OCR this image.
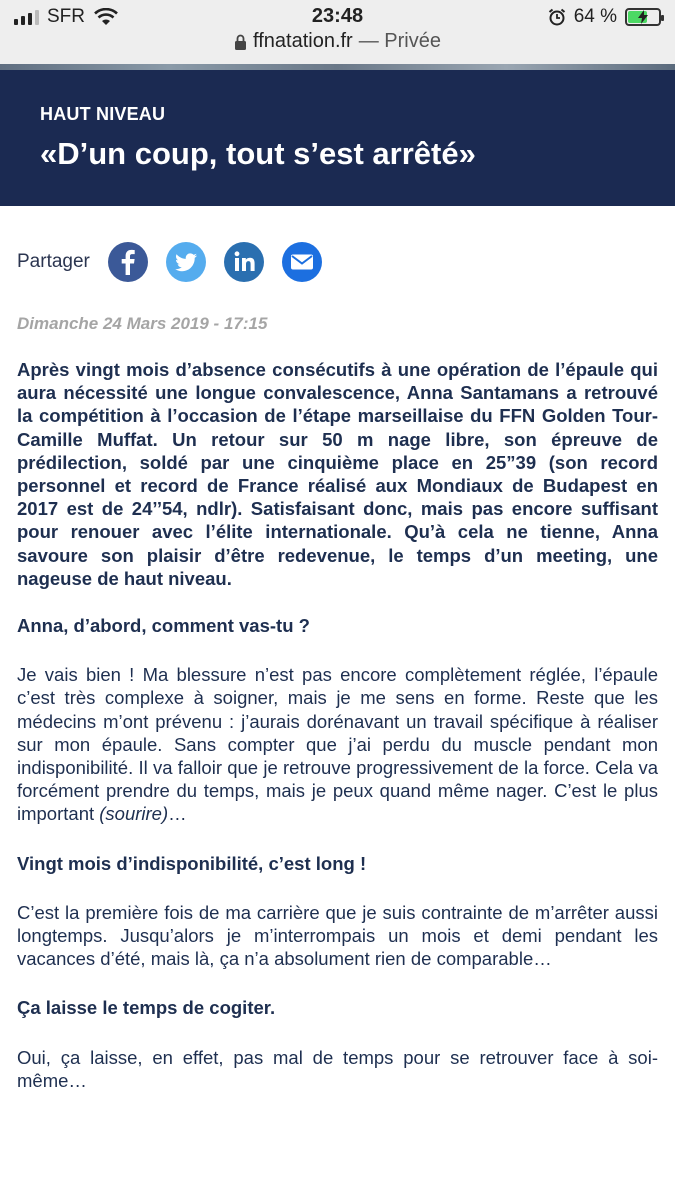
SFR	23:48	64 %
ffnatation.fr — Privée
HAUT NIVEAU
«D’un coup, tout s’est arrêté»
Partager
Dimanche 24 Mars 2019 - 17:15

Après vingt mois d’absence consécutifs à une opération de l’épaule qui aura nécessité une longue convalescence, Anna Santamans a retrouvé la compétition à l’occasion de l’étape marseillaise du FFN Golden Tour-Camille Muffat. Un retour sur 50 m nage libre, son épreuve de prédilection, soldé par une cinquième place en 25”39 (son record personnel et record de France réalisé aux Mondiaux de Budapest en 2017 est de 24’’54, ndlr). Satisfaisant donc, mais pas encore suffisant pour renouer avec l’élite internationale. Qu’à cela ne tienne, Anna savoure son plaisir d’être redevenue, le temps d’un meeting, une nageuse de haut niveau.

Anna, d’abord, comment vas-tu ?

Je vais bien ! Ma blessure n’est pas encore complètement réglée, l’épaule c’est très complexe à soigner, mais je me sens en forme. Reste que les médecins m’ont prévenu : j’aurais dorénavant un travail spécifique à réaliser sur mon épaule. Sans compter que j’ai perdu du muscle pendant mon indisponibilité. Il va falloir que je retrouve progressivement de la force. Cela va forcément prendre du temps, mais je peux quand même nager. C’est le plus important (sourire)…

Vingt mois d’indisponibilité, c’est long !

C’est la première fois de ma carrière que je suis contrainte de m’arrêter aussi longtemps. Jusqu’alors je m’interrompais un mois et demi pendant les vacances d’été, mais là, ça n’a absolument rien de comparable…

Ça laisse le temps de cogiter.

Oui, ça laisse, en effet, pas mal de temps pour se retrouver face à soi-même…
